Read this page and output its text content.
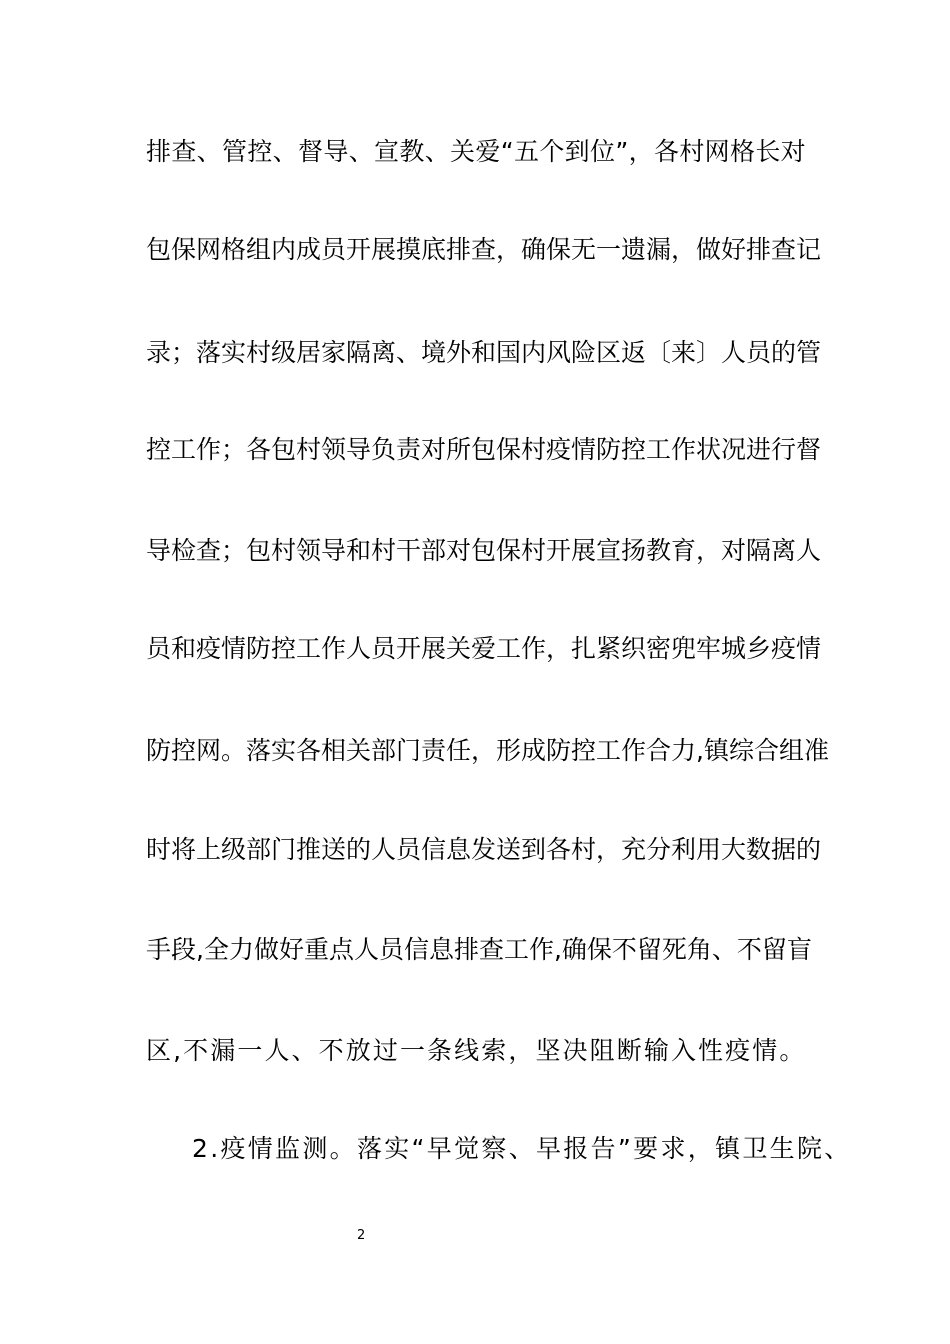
排查、管控、督导、宣教、关爱“五个到位”，各村网格长对
包保网格组内成员开展摸底排查，确保无一遗漏，做好排查记
录；落实村级居家隔离、境外和国内风险区返〔来〕人员的管
控工作；各包村领导负责对所包保村疫情防控工作状况进行督
导检查；包村领导和村干部对包保村开展宣扬教育，对隔离人
员和疫情防控工作人员开展关爱工作，扎紧织密兜牢城乡疫情
防控网。落实各相关部门责任，形成防控工作合力,镇综合组准
时将上级部门推送的人员信息发送到各村，充分利用大数据的
手段,全力做好重点人员信息排查工作,确保不留死角、不留盲
区,不漏一人、不放过一条线索，坚决阻断输入性疫情。
2.疫情监测。落实“早觉察、早报告”要求，镇卫生院、
2
